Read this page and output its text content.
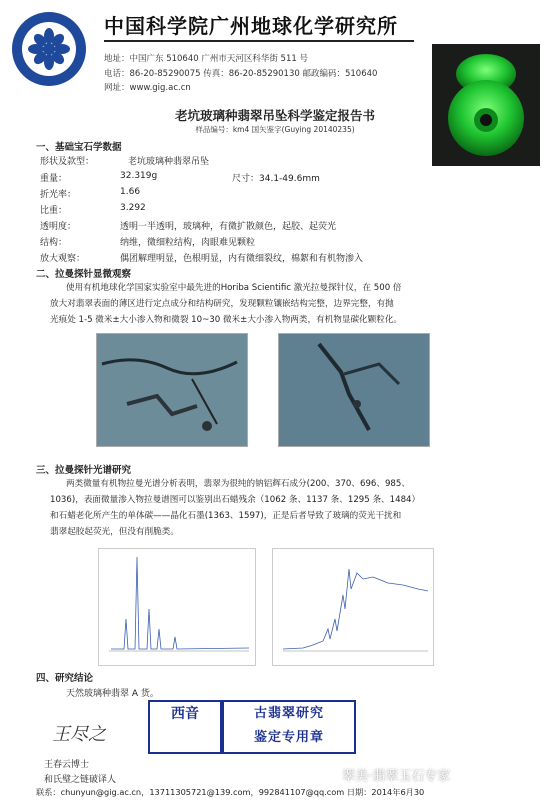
中国科学院广州地球化学研究所
地址：中国广东 510640 广州市天河区科华街 511 号
电话：86-20-85290075 传真：86-20-85290130 邮政编码：510640
网址：www.gig.ac.cn
老坑玻璃种翡翠吊坠科学鉴定报告书
样品编号：km4 国矢鉴字(Guying 20140235)
一、基础宝石学数据
形状及款型：	老坑玻璃种翡翠吊坠
重量：	32.319g	尺寸：34.1-49.6mm
折光率：	1.66
比重：	3.292
透明度：	透明一半透明，玻璃种，有微扩散颜色，起胶、起荧光
结构：	纳维，微细粒结构，肉眼难见颗粒
放大观察：	偶团解理明显，色根明显，内有微细裂纹，棉絮和有机物渗入
二、拉曼探针显微观察
使用有机地球化学国家实验室中最先进的Horiba Scientific 激光拉曼探针仪，在 500 倍
放大对翡翠表面的薄区进行定点成分和结构研究，发现颗粒镶嵌结构完整，边界完整，有抛
光痕处 1-5 微米±大小渗入物和微裂 10~30 微米±大小渗入物两类，有机物显碳化颗粒化。
三、拉曼探针光谱研究
两类微量有机物拉曼光谱分析表明，翡翠为很纯的钠铝辉石成分(200、370、696、985、
1036)，表面微量渗入物拉曼谱图可以鉴别出石蜡残余（1062 条、1137 条、1295 条、1484）
和石蜡老化所产生的单体碳——晶化石墨(1363、1597)，正是后者导致了玻璃的荧光干扰和
翡翠起胶起荧光，但没有削脆类。
四、研究结论
天然玻璃种翡翠 A 货。
西音	古翡翠研究
鉴定专用章
王尽之
王春云博士
和氏璧之链破译人	翠美·翡翠玉石专家
联系：chunyun@gig.ac.cn，13711305721@139.com，992841107@qq.com 日期：2014年6月30
